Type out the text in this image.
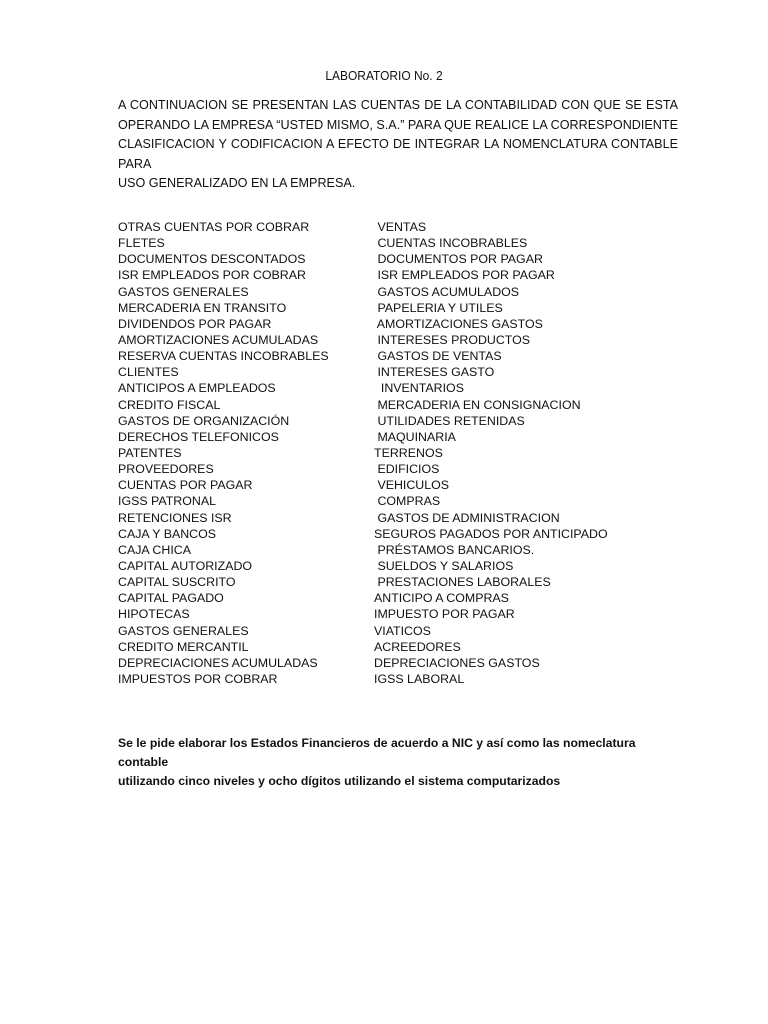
LABORATORIO No. 2
A CONTINUACION SE PRESENTAN LAS CUENTAS DE LA CONTABILIDAD CON QUE SE ESTA
OPERANDO LA EMPRESA “USTED MISMO, S.A.” PARA QUE REALICE LA CORRESPONDIENTE
CLASIFICACION Y CODIFICACION A EFECTO DE INTEGRAR LA NOMENCLATURA CONTABLE PARA
USO GENERALIZADO EN LA EMPRESA.
OTRAS CUENTAS POR COBRAR
FLETES
DOCUMENTOS DESCONTADOS
ISR EMPLEADOS POR COBRAR
GASTOS GENERALES
MERCADERIA EN TRANSITO
DIVIDENDOS POR PAGAR
AMORTIZACIONES ACUMULADAS
RESERVA CUENTAS INCOBRABLES
CLIENTES
ANTICIPOS A EMPLEADOS
CREDITO FISCAL
GASTOS DE ORGANIZACIÓN
DERECHOS TELEFONICOS
PATENTES
PROVEEDORES
CUENTAS POR PAGAR
IGSS PATRONAL
RETENCIONES ISR
CAJA Y BANCOS
CAJA CHICA
CAPITAL AUTORIZADO
CAPITAL SUSCRITO
CAPITAL PAGADO
HIPOTECAS
GASTOS GENERALES
CREDITO MERCANTIL
DEPRECIACIONES ACUMULADAS
IMPUESTOS POR COBRAR
VENTAS
CUENTAS INCOBRABLES
DOCUMENTOS POR PAGAR
ISR EMPLEADOS POR PAGAR
GASTOS ACUMULADOS
PAPELERIA Y UTILES
AMORTIZACIONES GASTOS
INTERESES PRODUCTOS
GASTOS DE VENTAS
INTERESES GASTO
INVENTARIOS
MERCADERIA EN CONSIGNACION
UTILIDADES RETENIDAS
MAQUINARIA
TERRENOS
EDIFICIOS
VEHICULOS
COMPRAS
GASTOS DE ADMINISTRACION
SEGUROS PAGADOS POR ANTICIPADO
PRÉSTAMOS BANCARIOS.
SUELDOS Y SALARIOS
PRESTACIONES LABORALES
ANTICIPO A COMPRAS
IMPUESTO POR PAGAR
VIATICOS
ACREEDORES
DEPRECIACIONES GASTOS
IGSS LABORAL
Se le pide elaborar los Estados Financieros de acuerdo a NIC y así como las nomeclatura contable
utilizando cinco niveles y ocho dígitos utilizando el sistema computarizados
